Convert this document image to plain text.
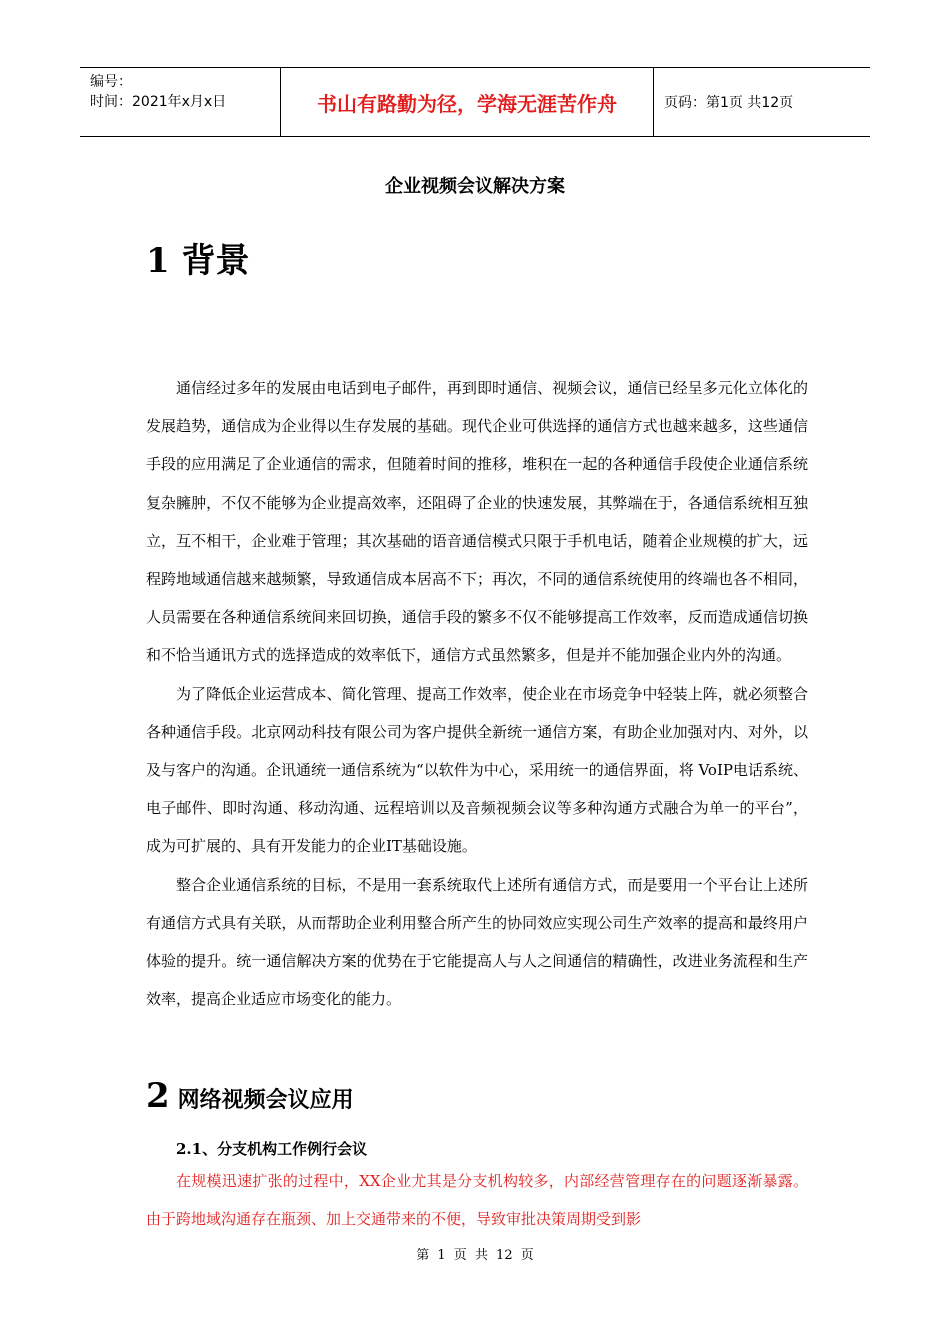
编号：
时间：2021年x月x日	书山有路勤为径，学海无涯苦作舟	页码：第1页 共12页
企业视频会议解决方案
1 背景

通信经过多年的发展由电话到电子邮件，再到即时通信、视频会议，通信已经呈多元化立体化的发展趋势，通信成为企业得以生存发展的基础。现代企业可供选择的通信方式也越来越多，这些通信手段的应用满足了企业通信的需求，但随着时间的推移，堆积在一起的各种通信手段使企业通信系统复杂臃肿，不仅不能够为企业提高效率，还阻碍了企业的快速发展，其弊端在于，各通信系统相互独立，互不相干，企业难于管理；其次基础的语音通信模式只限于手机电话，随着企业规模的扩大，远程跨地域通信越来越频繁，导致通信成本居高不下；再次，不同的通信系统使用的终端也各不相同，人员需要在各种通信系统间来回切换，通信手段的繁多不仅不能够提高工作效率，反而造成通信切换和不恰当通讯方式的选择造成的效率低下，通信方式虽然繁多，但是并不能加强企业内外的沟通。

为了降低企业运营成本、简化管理、提高工作效率，使企业在市场竞争中轻装上阵，就必须整合各种通信手段。北京网动科技有限公司为客户提供全新统一通信方案，有助企业加强对内、对外，以及与客户的沟通。企讯通统一通信系统为“以软件为中心，采用统一的通信界面，将 VoIP电话系统、电子邮件、即时沟通、移动沟通、远程培训以及音频视频会议等多种沟通方式融合为单一的平台”，成为可扩展的、具有开发能力的企业IT基础设施。

整合企业通信系统的目标，不是用一套系统取代上述所有通信方式，而是要用一个平台让上述所有通信方式具有关联，从而帮助企业利用整合所产生的协同效应实现公司生产效率的提高和最终用户体验的提升。统一通信解决方案的优势在于它能提高人与人之间通信的精确性，改进业务流程和生产效率，提高企业适应市场变化的能力。

2 网络视频会议应用
2.1、分支机构工作例行会议

在规模迅速扩张的过程中，XX企业尤其是分支机构较多，内部经营管理存在的问题逐渐暴露。由于跨地域沟通存在瓶颈、加上交通带来的不便，导致审批决策周期受到影

第 1 页 共 12 页
